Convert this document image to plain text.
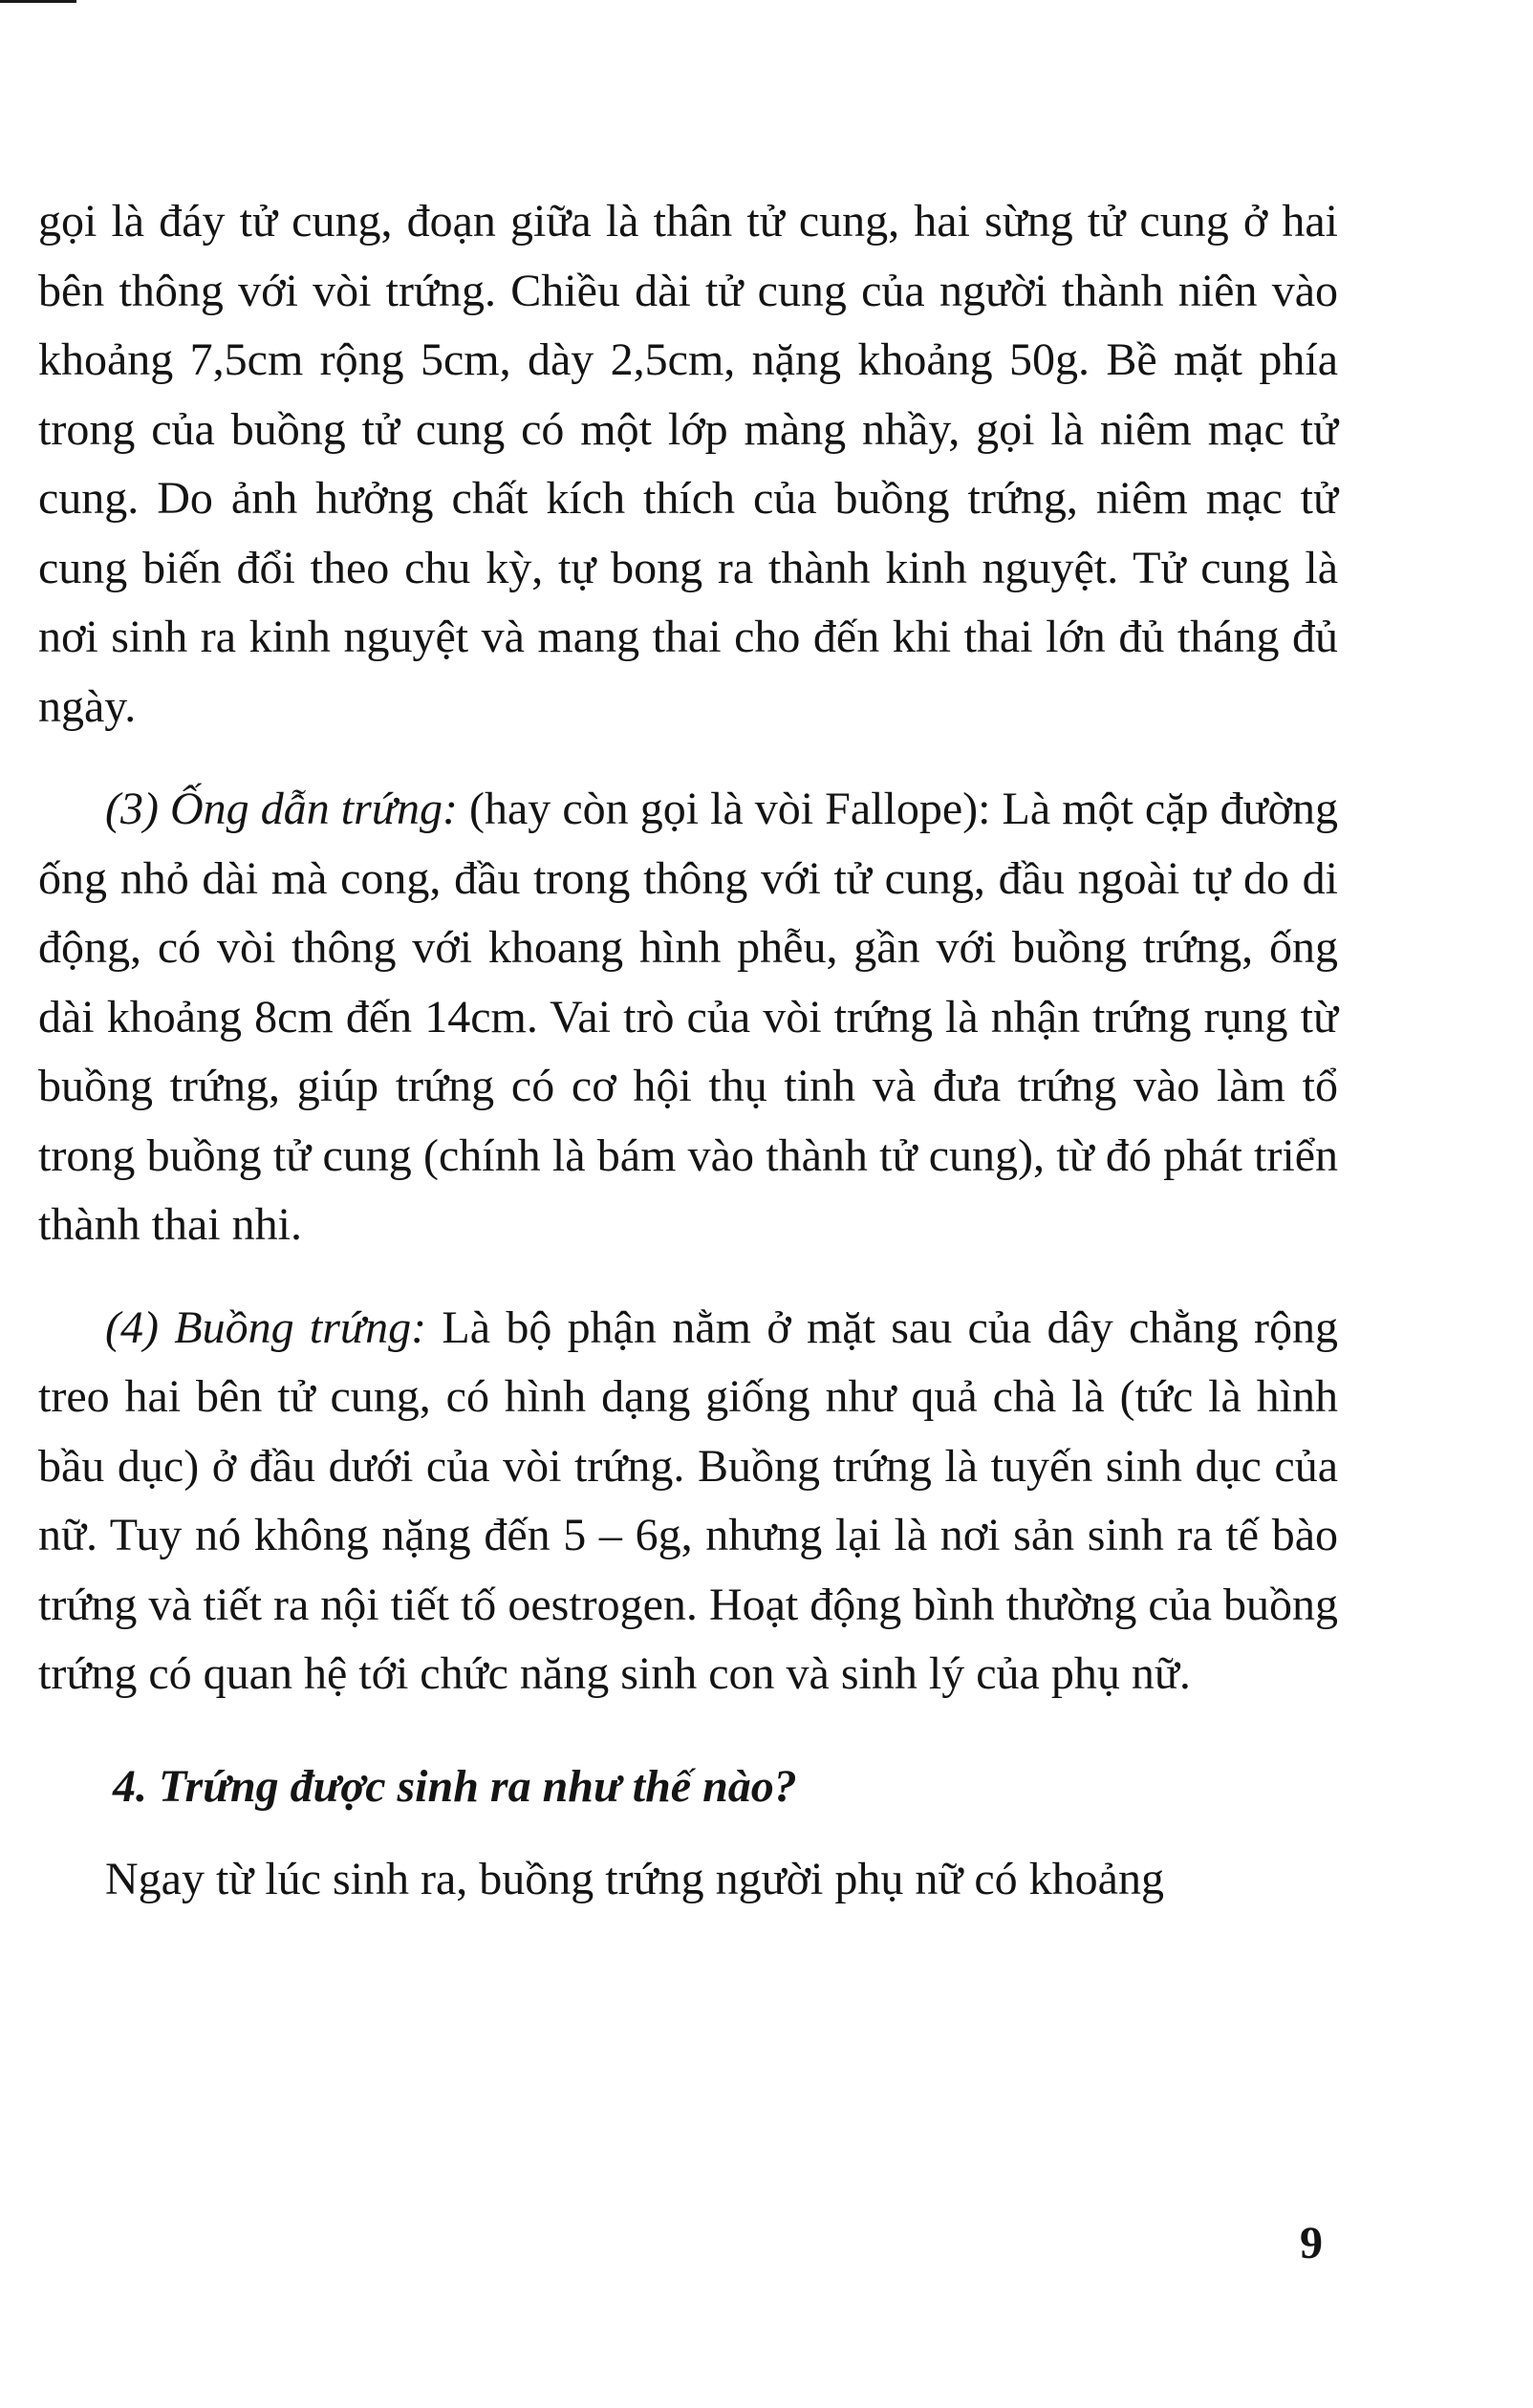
gọi là đáy tử cung, đoạn giữa là thân tử cung, hai sừng tử cung ở hai bên thông với vòi trứng. Chiều dài tử cung của người thành niên vào khoảng 7,5cm rộng 5cm, dày 2,5cm, nặng khoảng 50g. Bề mặt phía trong của buồng tử cung có một lớp màng nhầy, gọi là niêm mạc tử cung. Do ảnh hưởng chất kích thích của buồng trứng, niêm mạc tử cung biến đổi theo chu kỳ, tự bong ra thành kinh nguyệt. Tử cung là nơi sinh ra kinh nguyệt và mang thai cho đến khi thai lớn đủ tháng đủ ngày.

(3) Ống dẫn trứng: (hay còn gọi là vòi Fallope): Là một cặp đường ống nhỏ dài mà cong, đầu trong thông với tử cung, đầu ngoài tự do di động, có vòi thông với khoang hình phễu, gần với buồng trứng, ống dài khoảng 8cm đến 14cm. Vai trò của vòi trứng là nhận trứng rụng từ buồng trứng, giúp trứng có cơ hội thụ tinh và đưa trứng vào làm tổ trong buồng tử cung (chính là bám vào thành tử cung), từ đó phát triển thành thai nhi.

(4) Buồng trứng: Là bộ phận nằm ở mặt sau của dây chằng rộng treo hai bên tử cung, có hình dạng giống như quả chà là (tức là hình bầu dục) ở đầu dưới của vòi trứng. Buồng trứng là tuyến sinh dục của nữ. Tuy nó không nặng đến 5 – 6g, nhưng lại là nơi sản sinh ra tế bào trứng và tiết ra nội tiết tố oestrogen. Hoạt động bình thường của buồng trứng có quan hệ tới chức năng sinh con và sinh lý của phụ nữ.

4. Trứng được sinh ra như thế nào?

Ngay từ lúc sinh ra, buồng trứng người phụ nữ có khoảng

9
